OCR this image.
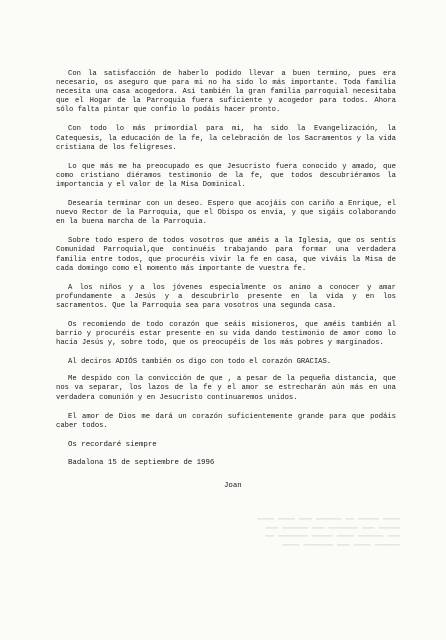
Con la satisfacción de haberlo podido llevar a buen termino, pues era necesario, os aseguro que para mi no ha sido lo más importante. Toda familia necesita una casa acogedora. Así también la gran familia parroquial necesitaba que el Hogar de la Parroquia fuera suficiente y acogedor para todos. Ahora sólo falta pintar que confio lo podáis hacer pronto.

Con todo lo más primordial para mi, ha sido la Evangelización, la Catequesis, la educación de la fe, la celebración de los Sacramentos y la vida cristiana de los feligreses.

Lo que más me ha preocupado es que Jesucristo fuera conocido y amado, que como cristiano diéramos testimonio de la fe, que todos descubriéramos la importancia y el valor de la Misa Dominical.

Desearía terminar con un deseo. Espero que acojáis con cariño a Enrique, el nuevo Rector de la Parroquia, que el Obispo os envía, y que sigáis colaborando en la buena marcha de la Parroquia.

Sobre todo espero de todos vosotros que améis a la Iglesia, que os sentís Comunidad Parroquial,que continuéis trabajando para formar una verdadera familia entre todos, que procuréis vivir la fe en casa, que viváis la Misa de cada domingo como el momento más importante de vuestra fe.

A los niños y a los jóvenes especialmente os animo a conocer y amar profundamente a Jesús y a descubrirlo presente en la vida y en los sacramentos. Que la Parroquia sea para vosotros una segunda casa.

Os recomiendo de todo corazón que seáis misioneros, que améis también al barrio y procuréis estar presente en su vida dando testimonio de amor como lo hacía Jesús y, sobre todo, que os preocupéis de los más pobres y marginados.

Al deciros ADIÓS también os digo con todo el corazón GRACIAS.

Me despido con la convicción de que , a pesar de la pequeña distancia, que nos va separar, los lazos de la fe y el amor se estrecharán aún más en una verdadera comunión y en Jesucristo continuaremos unidos.

El amor de Dios me dará un corazón suficientemente grande para que podáis caber todos.

Os recordaré siempre
Badalona 15 de septiembre de 1996
Joan
▬▬▬▬ ▬▬▬▬▬ ▬▬ ▬▬▬▬▬▬ ▬▬▬ ▬▬▬▬ ▬▬▬▬
▬▬▬▬▬ ▬▬▬ ▬▬▬▬▬▬▬ ▬▬▬ ▬▬▬▬▬▬ ▬▬▬
▬▬▬ ▬▬▬▬▬▬ ▬▬▬▬ ▬▬▬▬▬ ▬▬▬▬▬▬▬ ▬▬
▬▬▬▬▬▬ ▬▬▬▬ ▬▬▬ ▬▬▬▬▬▬▬ ▬▬▬▬
